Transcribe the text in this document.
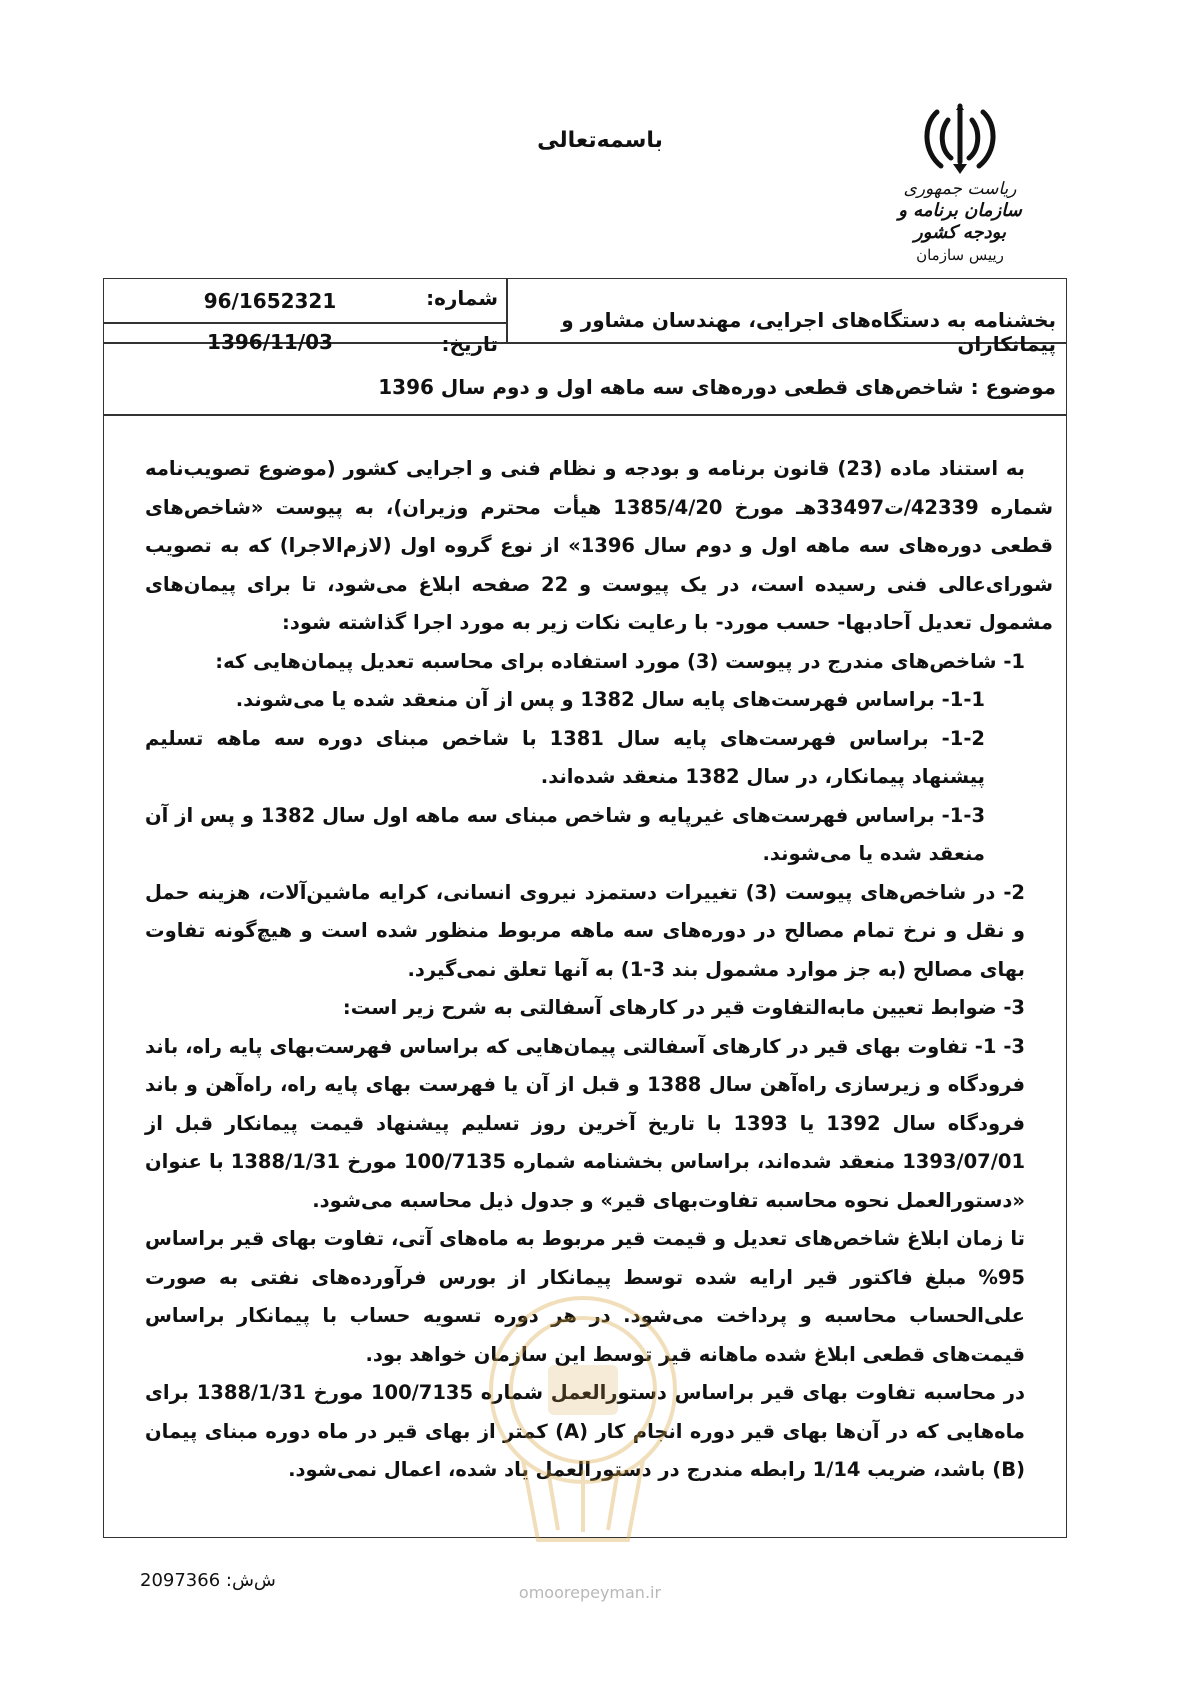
باسمه‌تعالی
ریاست جمهوری
سازمان برنامه و بودجه کشور
رییس سازمان
شماره:
96/1652321
تاریخ:
1396/11/03
بخشنامه به دستگاه‌های اجرایی، مهندسان مشاور و پیمانکاران
موضوع : شاخص‌های قطعی دوره‌های سه ماهه اول و دوم سال 1396

به استناد ماده (23) قانون برنامه و بودجه و نظام فنی و اجرایی کشور (موضوع تصویب‌نامه شماره 42339/ت33497هـ مورخ 1385/4/20 هیأت محترم وزیران)، به پیوست «شاخص‌های قطعی دوره‌های سه ماهه اول و دوم سال 1396» از نوع گروه اول (لازم‌الاجرا) که به تصویب شورای‌عالی فنی رسیده است، در یک پیوست و 22 صفحه ابلاغ می‌شود، تا برای پیمان‌های مشمول تعدیل آحادبها- حسب مورد- با رعایت نکات زیر به مورد اجرا گذاشته شود:

1- شاخص‌های مندرج در پیوست (3) مورد استفاده برای محاسبه تعدیل پیمان‌هایی که:

1-1- براساس فهرست‌های پایه سال 1382 و پس از آن منعقد شده یا می‌شوند.

1-2- براساس فهرست‌های پایه سال 1381 با شاخص مبنای دوره سه ماهه تسلیم پیشنهاد پیمانکار، در سال 1382 منعقد شده‌اند.

1-3- براساس فهرست‌های غیرپایه و شاخص مبنای سه ماهه اول سال 1382 و پس از آن منعقد شده یا می‌شوند.

2- در شاخص‌های پیوست (3) تغییرات دستمزد نیروی انسانی، کرایه ماشین‌آلات، هزینه حمل و نقل و نرخ تمام مصالح در دوره‌های سه ماهه مربوط منظور شده است و هیچ‌گونه تفاوت بهای مصالح (به جز موارد مشمول بند 3-1) به آنها تعلق نمی‌گیرد.

3- ضوابط تعیین مابه‌التفاوت قیر در کارهای آسفالتی به شرح زیر است:

3- 1- تفاوت بهای قیر در کارهای آسفالتی پیمان‌هایی که براساس فهرست‌بهای پایه راه، باند فرودگاه و زیرسازی راه‌آهن سال 1388 و قبل از آن یا فهرست بهای پایه راه، راه‌آهن و باند فرودگاه سال 1392 یا 1393 با تاریخ آخرین روز تسلیم پیشنهاد قیمت پیمانکار قبل از 1393/07/01 منعقد شده‌اند، براساس بخشنامه شماره 100/7135 مورخ 1388/1/31 با عنوان «دستورالعمل نحوه محاسبه تفاوت‌بهای قیر» و جدول ذیل محاسبه می‌شود.

تا زمان ابلاغ شاخص‌های تعدیل و قیمت قیر مربوط به ماه‌های آتی، تفاوت بهای قیر براساس 95% مبلغ فاکتور قیر ارایه شده توسط پیمانکار از بورس فرآورده‌های نفتی به صورت علی‌الحساب محاسبه و پرداخت می‌شود. در هر دوره تسویه حساب با پیمانکار براساس قیمت‌های قطعی ابلاغ شده ماهانه قیر توسط این سازمان خواهد بود.

در محاسبه تفاوت بهای قیر براساس دستورالعمل شماره 100/7135 مورخ 1388/1/31 برای ماه‌هایی که در آن‌ها بهای قیر دوره انجام کار (A) کمتر از بهای قیر در ماه دوره مبنای پیمان (B) باشد، ضریب 1/14 رابطه مندرج در دستورالعمل یاد شده، اعمال نمی‌شود.

omoorepeyman.ir
ش‌ش: 2097366
